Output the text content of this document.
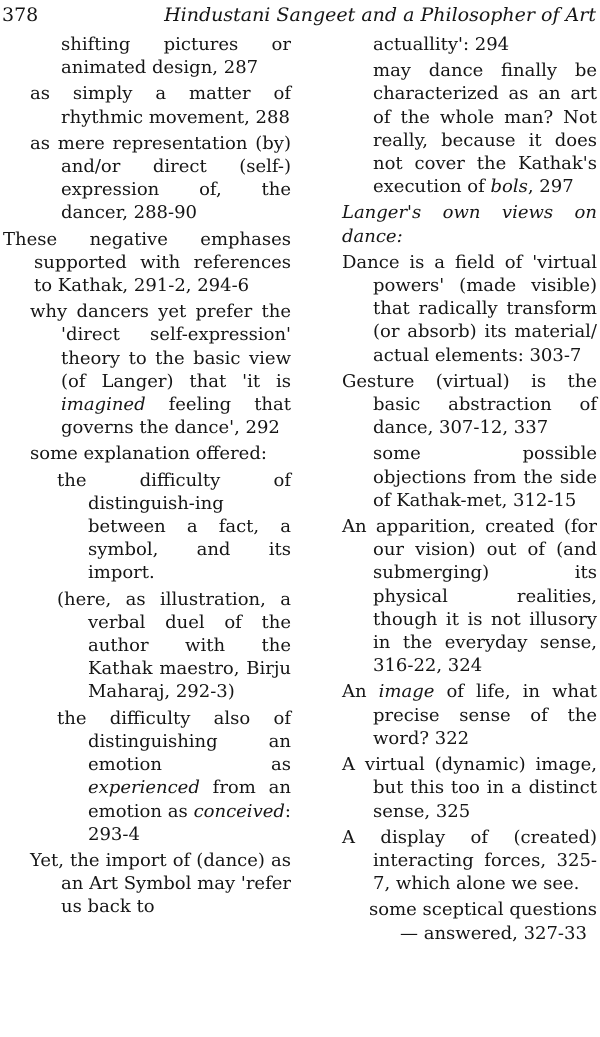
378	Hindustani Sangeet and a Philosopher of Art
shifting pictures or animated design, 287
as simply a matter of rhythmic movement, 288
as mere representation (by) and/or direct (self-) expression of, the dancer, 288-90
These negative emphases supported with references to Kathak, 291-2, 294-6
why dancers yet prefer the 'direct self-expression' theory to the basic view (of Langer) that 'it is imagined feeling that governs the dance', 292
some explanation offered:
the difficulty of distinguish-ing between a fact, a symbol, and its import.
(here, as illustration, a verbal duel of the author with the Kathak maestro, Birju Maharaj, 292-3)
the difficulty also of distinguishing an emotion as experienced from an emotion as conceived: 293-4
Yet, the import of (dance) as an Art Symbol may 'refer us back to
actuallity': 294
may dance finally be characterized as an art of the whole man? Not really, because it does not cover the Kathak's execution of bols, 297
Langer's own views on dance:
Dance is a field of 'virtual powers' (made visible) that radically transform (or absorb) its material/ actual elements: 303-7
Gesture (virtual) is the basic abstraction of dance, 307-12, 337
some possible objections from the side of Kathak-met, 312-15
An apparition, created (for our vision) out of (and submerging) its physical realities, though it is not illusory in the everyday sense, 316-22, 324
An image of life, in what precise sense of the word? 322
A virtual (dynamic) image, but this too in a distinct sense, 325
A display of (created) interacting forces, 325-7, which alone we see.
some sceptical questions — answered, 327-33
